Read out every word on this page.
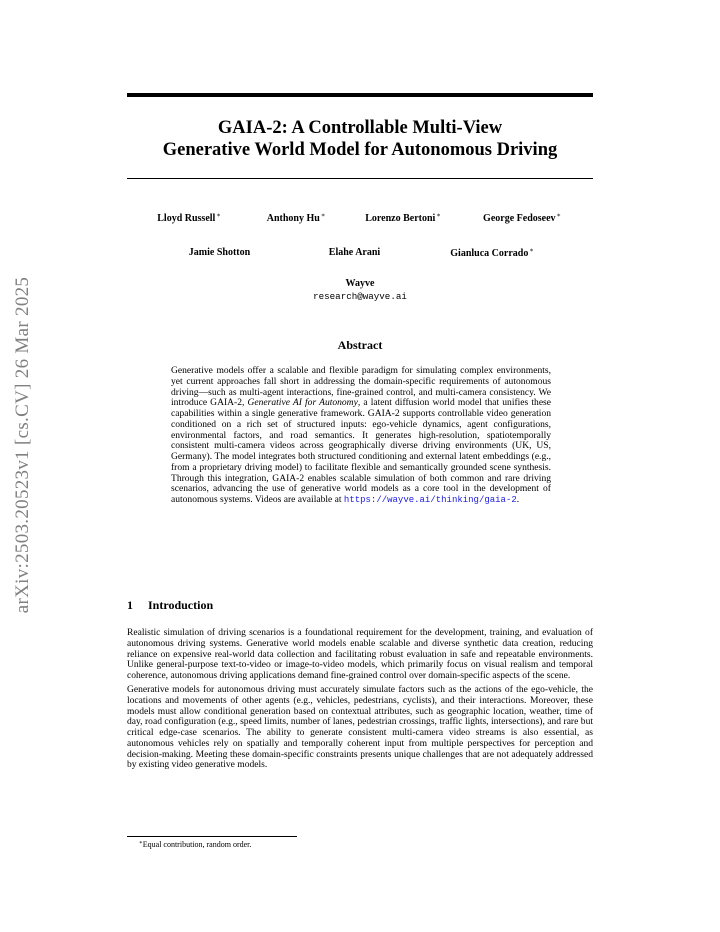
arXiv:2503.20523v1 [cs.CV] 26 Mar 2025
GAIA-2: A Controllable Multi-View
Generative World Model for Autonomous Driving
Lloyd Russell∗	Anthony Hu∗	Lorenzo Bertoni∗	George Fedoseev∗
Jamie Shotton	Elahe Arani	Gianluca Corrado∗
Wayve
research@wayve.ai
Abstract
Generative models offer a scalable and flexible paradigm for simulating complex environments, yet current approaches fall short in addressing the domain-specific requirements of autonomous driving—such as multi-agent interactions, fine-grained control, and multi-camera consistency. We introduce GAIA-2, Generative AI for Autonomy, a latent diffusion world model that unifies these capabilities within a single generative framework. GAIA-2 supports controllable video generation conditioned on a rich set of structured inputs: ego-vehicle dynamics, agent configurations, environmental factors, and road semantics. It generates high-resolution, spatiotemporally consistent multi-camera videos across geographically diverse driving environments (UK, US, Germany). The model integrates both structured conditioning and external latent embeddings (e.g., from a proprietary driving model) to facilitate flexible and semantically grounded scene synthesis. Through this integration, GAIA-2 enables scalable simulation of both common and rare driving scenarios, advancing the use of generative world models as a core tool in the development of autonomous systems. Videos are available at https://wayve.ai/thinking/gaia-2.
1 Introduction
Realistic simulation of driving scenarios is a foundational requirement for the development, training, and evaluation of autonomous driving systems. Generative world models enable scalable and diverse synthetic data creation, reducing reliance on expensive real-world data collection and facilitating robust evaluation in safe and repeatable environments. Unlike general-purpose text-to-video or image-to-video models, which primarily focus on visual realism and temporal coherence, autonomous driving applications demand fine-grained control over domain-specific aspects of the scene.
Generative models for autonomous driving must accurately simulate factors such as the actions of the ego-vehicle, the locations and movements of other agents (e.g., vehicles, pedestrians, cyclists), and their interactions. Moreover, these models must allow conditional generation based on contextual attributes, such as geographic location, weather, time of day, road configuration (e.g., speed limits, number of lanes, pedestrian crossings, traffic lights, intersections), and rare but critical edge-case scenarios. The ability to generate consistent multi-camera video streams is also essential, as autonomous vehicles rely on spatially and temporally coherent input from multiple perspectives for perception and decision-making. Meeting these domain-specific constraints presents unique challenges that are not adequately addressed by existing video generative models.
∗Equal contribution, random order.
